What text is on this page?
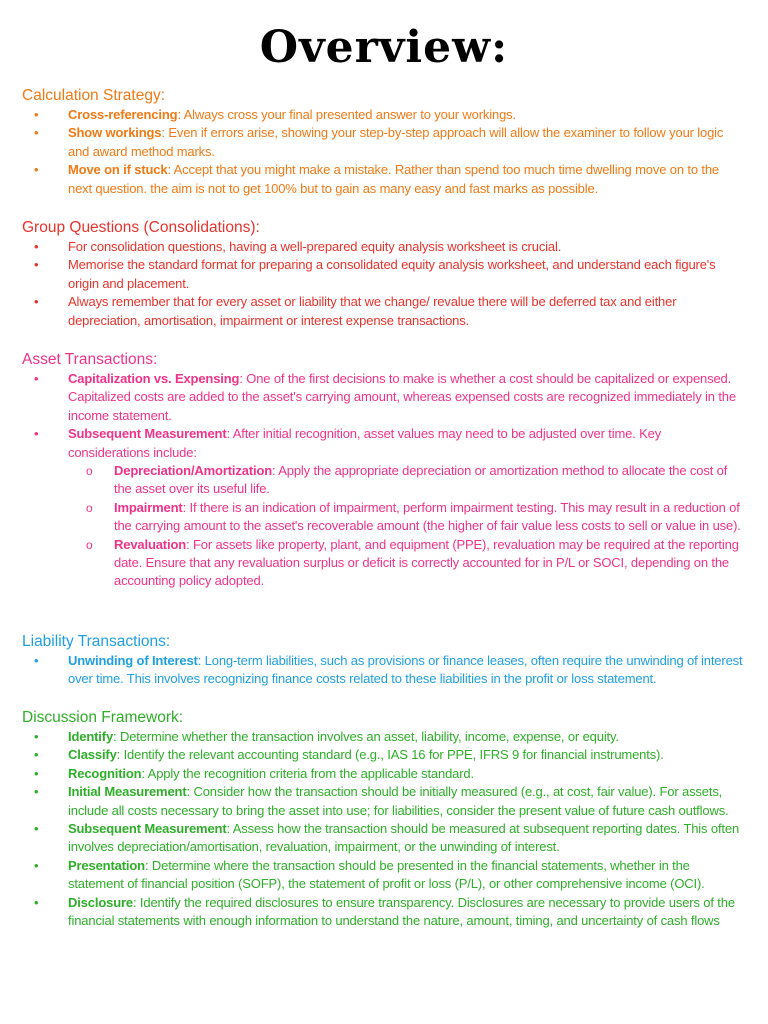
Overview:
Calculation Strategy:
• Cross-referencing: Always cross your final presented answer to your workings.
• Show workings: Even if errors arise, showing your step-by-step approach will allow the examiner to follow your logic and award method marks.
• Move on if stuck: Accept that you might make a mistake. Rather than spend too much time dwelling move on to the next question. the aim is not to get 100% but to gain as many easy and fast marks as possible.
Group Questions (Consolidations):
• For consolidation questions, having a well-prepared equity analysis worksheet is crucial.
• Memorise the standard format for preparing a consolidated equity analysis worksheet, and understand each figure's origin and placement.
• Always remember that for every asset or liability that we change/ revalue there will be deferred tax and either depreciation, amortisation, impairment or interest expense transactions.
Asset Transactions:
• Capitalization vs. Expensing: One of the first decisions to make is whether a cost should be capitalized or expensed. Capitalized costs are added to the asset's carrying amount, whereas expensed costs are recognized immediately in the income statement.
• Subsequent Measurement: After initial recognition, asset values may need to be adjusted over time. Key considerations include:
o Depreciation/Amortization: Apply the appropriate depreciation or amortization method to allocate the cost of the asset over its useful life.
o Impairment: If there is an indication of impairment, perform impairment testing. This may result in a reduction of the carrying amount to the asset's recoverable amount (the higher of fair value less costs to sell or value in use).
o Revaluation: For assets like property, plant, and equipment (PPE), revaluation may be required at the reporting date. Ensure that any revaluation surplus or deficit is correctly accounted for in P/L or SOCI, depending on the accounting policy adopted.
Liability Transactions:
• Unwinding of Interest: Long-term liabilities, such as provisions or finance leases, often require the unwinding of interest over time. This involves recognizing finance costs related to these liabilities in the profit or loss statement.
Discussion Framework:
• Identify: Determine whether the transaction involves an asset, liability, income, expense, or equity.
• Classify: Identify the relevant accounting standard (e.g., IAS 16 for PPE, IFRS 9 for financial instruments).
• Recognition: Apply the recognition criteria from the applicable standard.
• Initial Measurement: Consider how the transaction should be initially measured (e.g., at cost, fair value). For assets, include all costs necessary to bring the asset into use; for liabilities, consider the present value of future cash outflows.
• Subsequent Measurement: Assess how the transaction should be measured at subsequent reporting dates. This often involves depreciation/amortisation, revaluation, impairment, or the unwinding of interest.
• Presentation: Determine where the transaction should be presented in the financial statements, whether in the statement of financial position (SOFP), the statement of profit or loss (P/L), or other comprehensive income (OCI).
• Disclosure: Identify the required disclosures to ensure transparency. Disclosures are necessary to provide users of the financial statements with enough information to understand the nature, amount, timing, and uncertainty of cash flows
